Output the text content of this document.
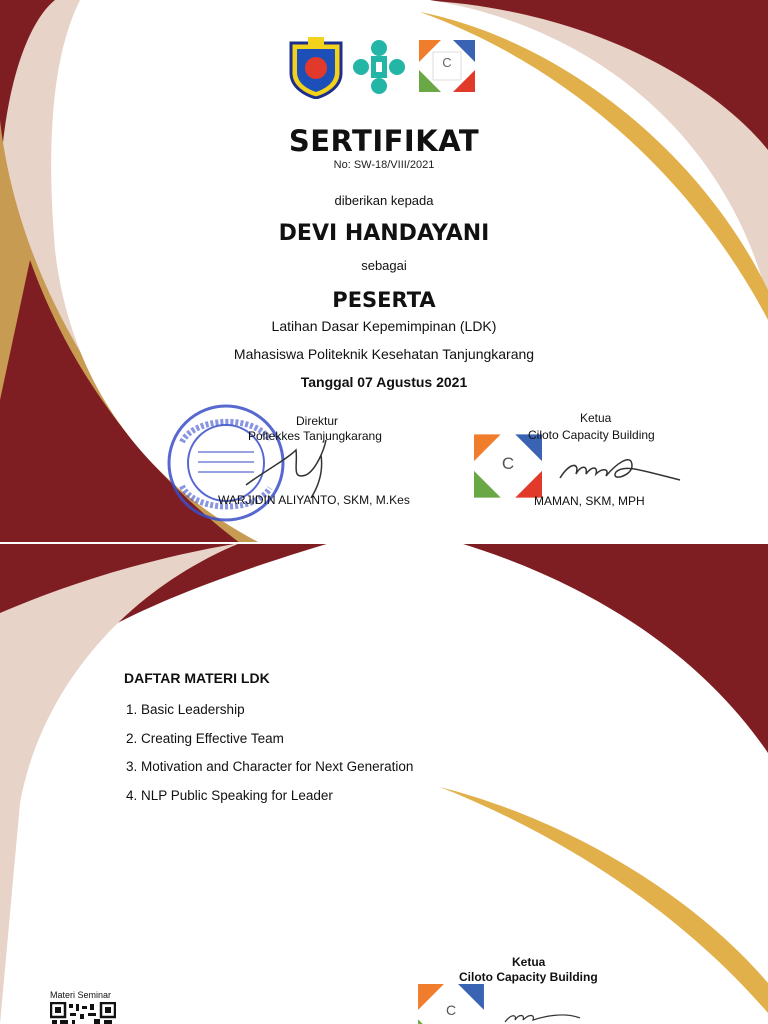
C
SERTIFIKAT
No: SW-18/VIII/2021
diberikan kepada
DEVI HANDAYANI
sebagai
PESERTA
Latihan Dasar Kepemimpinan (LDK)
Mahasiswa Politeknik Kesehatan Tanjungkarang
Tanggal 07 Agustus 2021
Direktur
Poltekkes Tanjungkarang
WARJIDIN ALIYANTO, SKM, M.Kes
C
Ketua
Ciloto Capacity Building
MAMAN, SKM, MPH
DAFTAR MATERI LDK
1. Basic Leadership
2. Creating Effective Team
3. Motivation and Character for Next Generation
4. NLP Public Speaking for Leader
Ketua
Ciloto Capacity Building
C
Materi Seminar
